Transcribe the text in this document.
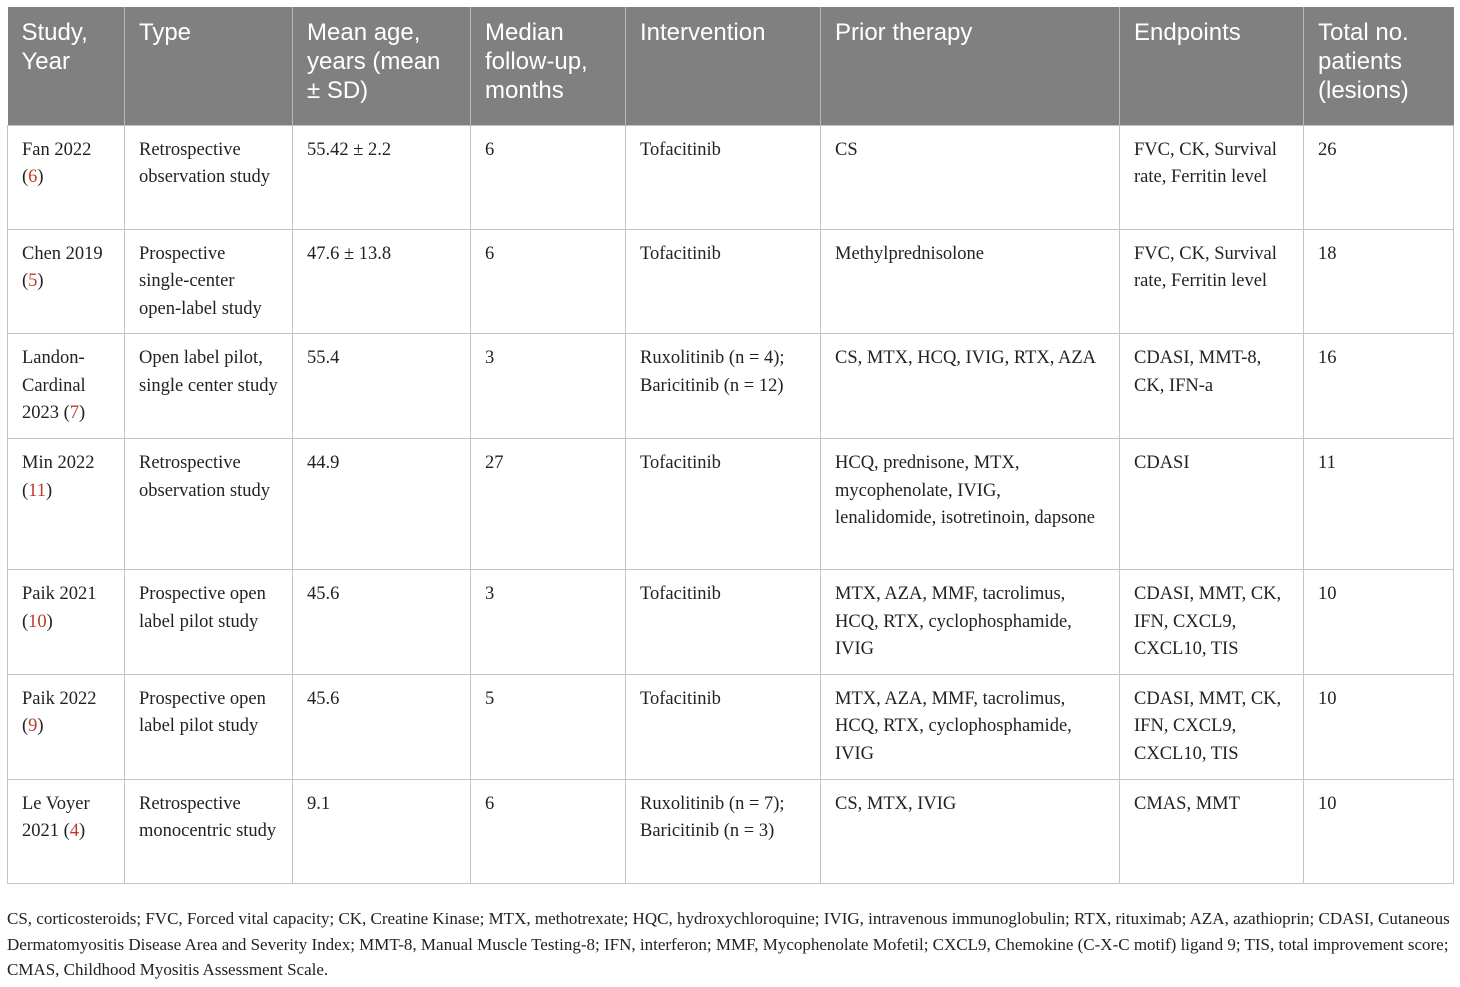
Study, Year	Type	Mean age, years (mean ± SD)	Median follow-up, months	Intervention	Prior therapy	Endpoints	Total no. patients (lesions)
Fan 2022 (6)	Retrospective observation study	55.42 ± 2.2	6	Tofacitinib	CS	FVC, CK, Survival rate, Ferritin level	26
Chen 2019 (5)	Prospective single-center open-label study	47.6 ± 13.8	6	Tofacitinib	Methylprednisolone	FVC, CK, Survival rate, Ferritin level	18
Landon-Cardinal 2023 (7)	Open label pilot, single center study	55.4	3	Ruxolitinib (n = 4); Baricitinib (n = 12)	CS, MTX, HCQ, IVIG, RTX, AZA	CDASI, MMT-8, CK, IFN-a	16
Min 2022 (11)	Retrospective observation study	44.9	27	Tofacitinib	HCQ, prednisone, MTX, mycophenolate, IVIG, lenalidomide, isotretinoin, dapsone	CDASI	11
Paik 2021 (10)	Prospective open label pilot study	45.6	3	Tofacitinib	MTX, AZA, MMF, tacrolimus, HCQ, RTX, cyclophosphamide, IVIG	CDASI, MMT, CK, IFN, CXCL9, CXCL10, TIS	10
Paik 2022 (9)	Prospective open label pilot study	45.6	5	Tofacitinib	MTX, AZA, MMF, tacrolimus, HCQ, RTX, cyclophosphamide, IVIG	CDASI, MMT, CK, IFN, CXCL9, CXCL10, TIS	10
Le Voyer 2021 (4)	Retrospective monocentric study	9.1	6	Ruxolitinib (n = 7); Baricitinib (n = 3)	CS, MTX, IVIG	CMAS, MMT	10
CS, corticosteroids; FVC, Forced vital capacity; CK, Creatine Kinase; MTX, methotrexate; HQC, hydroxychloroquine; IVIG, intravenous immunoglobulin; RTX, rituximab; AZA, azathioprin; CDASI, Cutaneous Dermatomyositis Disease Area and Severity Index; MMT-8, Manual Muscle Testing-8; IFN, interferon; MMF, Mycophenolate Mofetil; CXCL9, Chemokine (C-X-C motif) ligand 9; TIS, total improvement score; CMAS, Childhood Myositis Assessment Scale.
